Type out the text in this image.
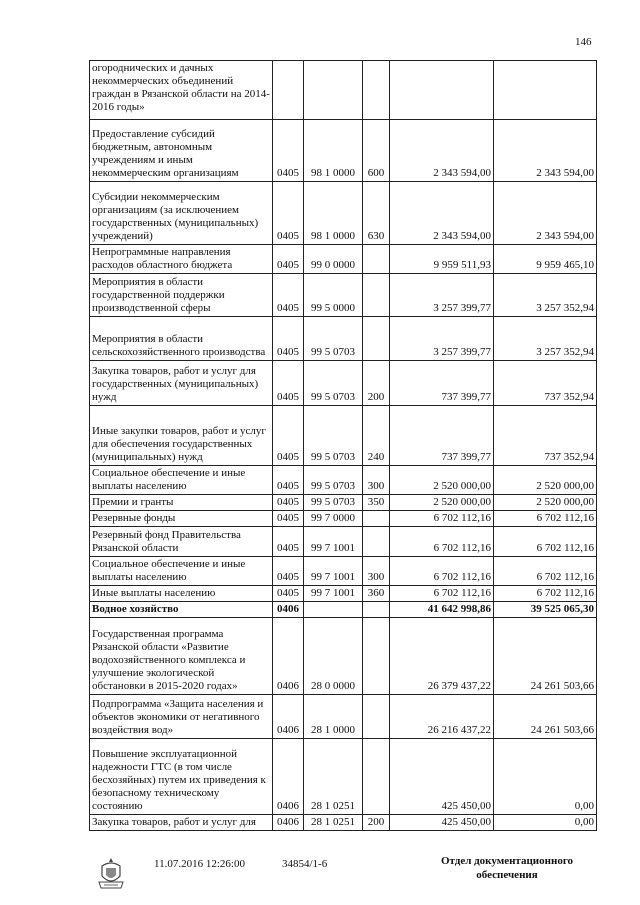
146
огороднических и дачных некоммерческих объединений граждан в Рязанской области на 2014-2016 годы»					
Предоставление субсидий бюджетным, автономным учреждениям и иным некоммерческим организациям	0405	98 1 0000	600	2 343 594,00	2 343 594,00
Субсидии некоммерческим организациям (за исключением государственных (муниципальных) учреждений)	0405	98 1 0000	630	2 343 594,00	2 343 594,00
Непрограммные направления расходов областного бюджета	0405	99 0 0000		9 959 511,93	9 959 465,10
Мероприятия в области государственной поддержки производственной сферы	0405	99 5 0000		3 257 399,77	3 257 352,94
Мероприятия в области сельскохозяйственного производства	0405	99 5 0703		3 257 399,77	3 257 352,94
Закупка товаров, работ и услуг для государственных (муниципальных) нужд	0405	99 5 0703	200	737 399,77	737 352,94
Иные закупки товаров, работ и услуг для обеспечения государственных (муниципальных) нужд	0405	99 5 0703	240	737 399,77	737 352,94
Социальное обеспечение и иные выплаты населению	0405	99 5 0703	300	2 520 000,00	2 520 000,00
Премии и гранты	0405	99 5 0703	350	2 520 000,00	2 520 000,00
Резервные фонды	0405	99 7 0000		6 702 112,16	6 702 112,16
Резервный фонд Правительства Рязанской области	0405	99 7 1001		6 702 112,16	6 702 112,16
Социальное обеспечение и иные выплаты населению	0405	99 7 1001	300	6 702 112,16	6 702 112,16
Иные выплаты населению	0405	99 7 1001	360	6 702 112,16	6 702 112,16
Водное хозяйство	0406			41 642 998,86	39 525 065,30
Государственная программа Рязанской области «Развитие водохозяйственного комплекса и улучшение экологической обстановки в 2015-2020 годах»	0406	28 0 0000		26 379 437,22	24 261 503,66
Подпрограмма «Защита населения и объектов экономики от негативного воздействия вод»	0406	28 1 0000		26 216 437,22	24 261 503,66
Повышение эксплуатационной надежности ГТС (в том числе бесхозяйных) путем их приведения к безопасному техническому состоянию	0406	28 1 0251		425 450,00	0,00
Закупка товаров, работ и услуг для	0406	28 1 0251	200	425 450,00	0,00
11.07.2016 12:26:00	34854/1-6	Отдел документационного
обеспечения
